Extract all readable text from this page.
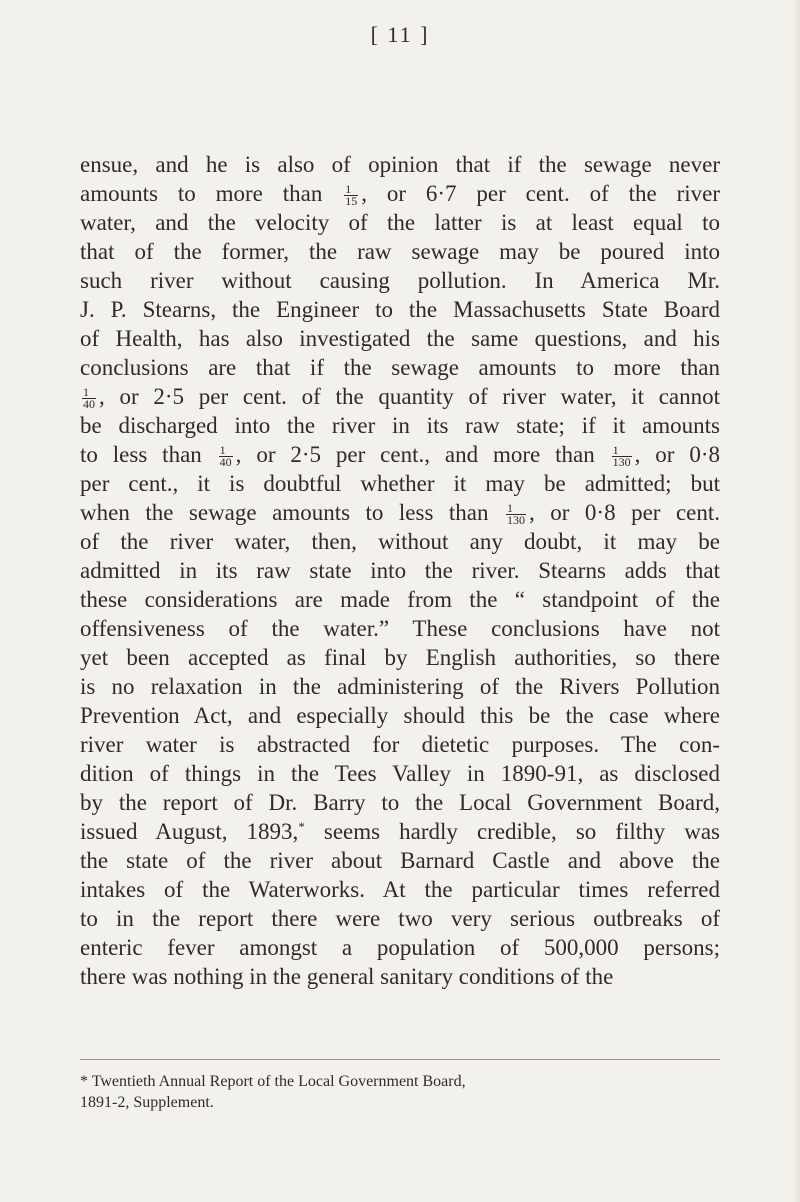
[ 11 ]
ensue, and he is also of opinion that if the sewage never
amounts to more than $\frac{1}{15}$ , or 6·7 per cent. of the river
water, and the velocity of the latter is at least equal to
that of the former, the raw sewage may be poured into
such river without causing pollution. In America Mr.
J. P. Stearns, the Engineer to the Massachusetts State Board
of Health, has also investigated the same questions, and his
conclusions are that if the sewage amounts to more than
$\frac{1}{40}$ , or 2·5 per cent. of the quantity of river water, it cannot
be discharged into the river in its raw state; if it amounts
to less than $\frac{1}{40}$ , or 2·5 per cent., and more than $\frac{1}{130}$ , or 0·8
per cent., it is doubtful whether it may be admitted; but
when the sewage amounts to less than $\frac{1}{130}$ , or 0·8 per cent.
of the river water, then, without any doubt, it may be
admitted in its raw state into the river. Stearns adds that
these considerations are made from the “ standpoint of the
offensiveness of the water.” These conclusions have not
yet been accepted as final by English authorities, so there
is no relaxation in the administering of the Rivers Pollution
Prevention Act, and especially should this be the case where
river water is abstracted for dietetic purposes. The con-
dition of things in the Tees Valley in 1890-91, as disclosed
by the report of Dr. Barry to the Local Government Board,
issued August, 1893,* seems hardly credible, so filthy was
the state of the river about Barnard Castle and above the
intakes of the Waterworks. At the particular times referred
to in the report there were two very serious outbreaks of
enteric fever amongst a population of 500,000 persons;
there was nothing in the general sanitary conditions of the
* Twentieth Annual Report of the Local Government Board,
1891-2, Supplement.
